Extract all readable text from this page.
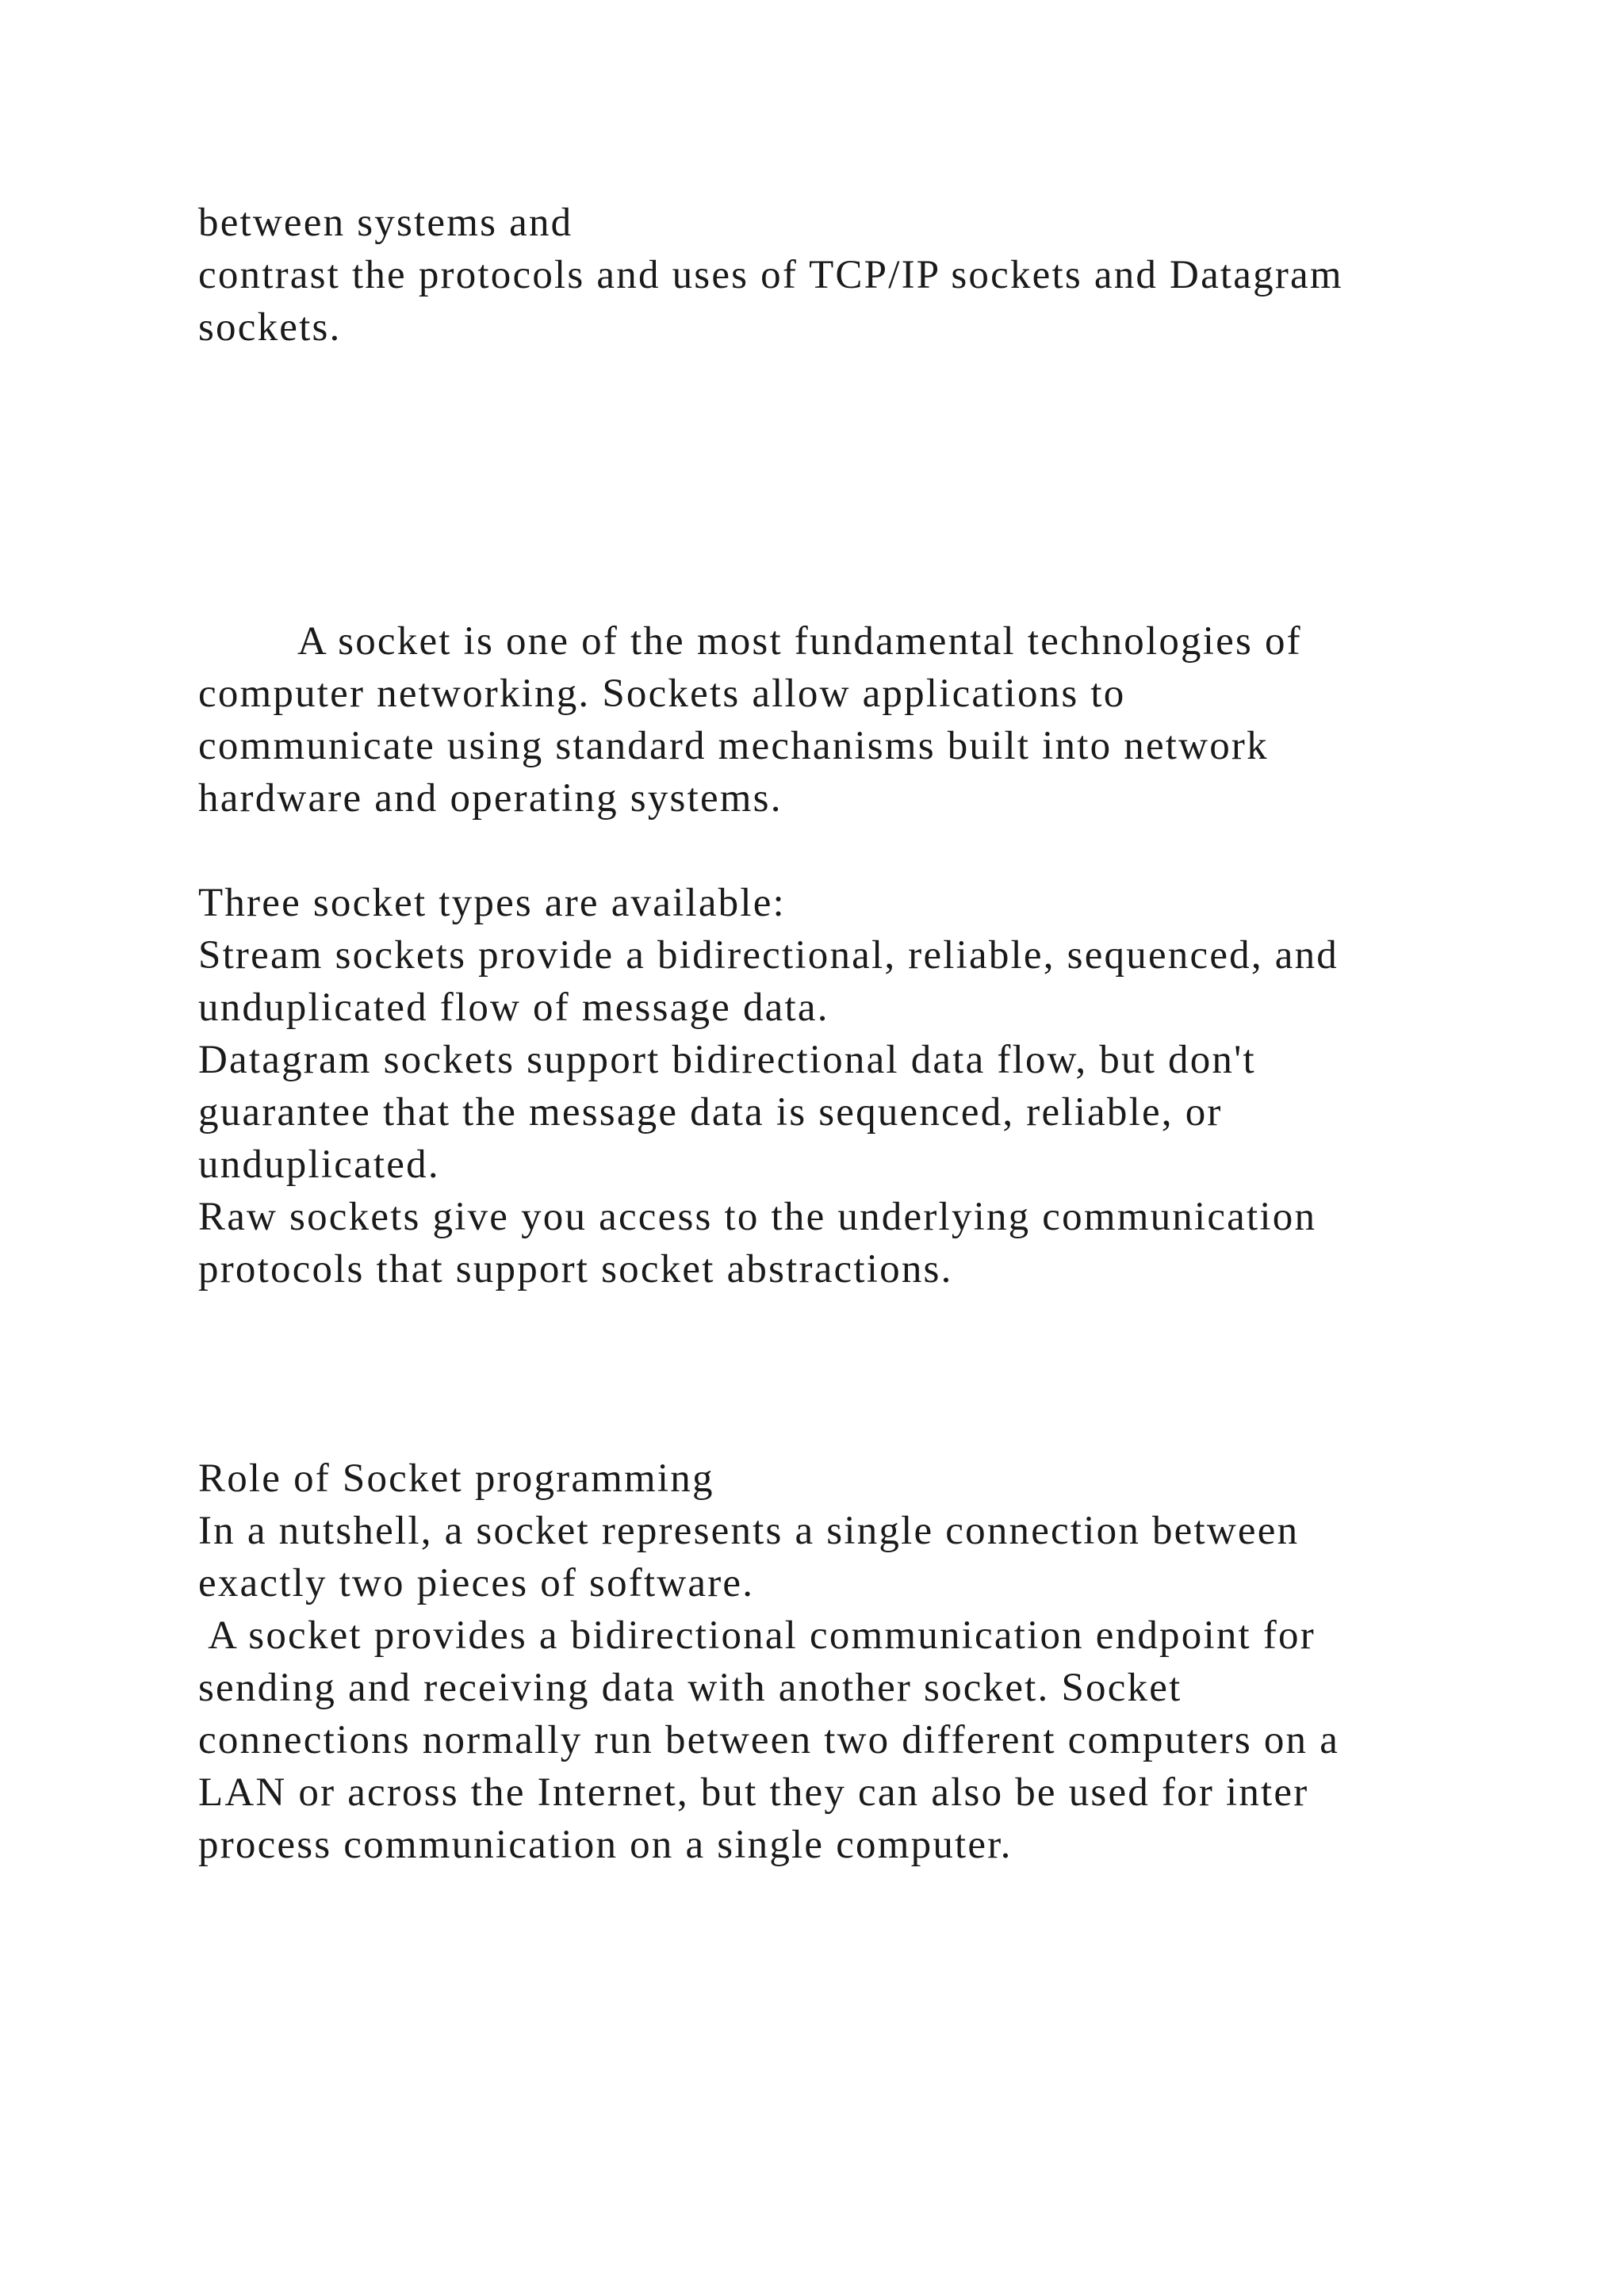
between systems and

contrast the protocols and uses of TCP/IP sockets and Datagram

sockets.

A socket is one of the most fundamental technologies of

computer networking. Sockets allow applications to

communicate using standard mechanisms built into network

hardware and operating systems.

Three socket types are available:

Stream sockets provide a bidirectional, reliable, sequenced, and

unduplicated flow of message data.

Datagram sockets support bidirectional data flow, but don't

guarantee that the message data is sequenced, reliable, or

unduplicated.

Raw sockets give you access to the underlying communication

protocols that support socket abstractions.

Role of Socket programming

In a nutshell, a socket represents a single connection between

exactly two pieces of software.

A socket provides a bidirectional communication endpoint for

sending and receiving data with another socket. Socket

connections normally run between two different computers on a

LAN or across the Internet, but they can also be used for inter

process communication on a single computer.
